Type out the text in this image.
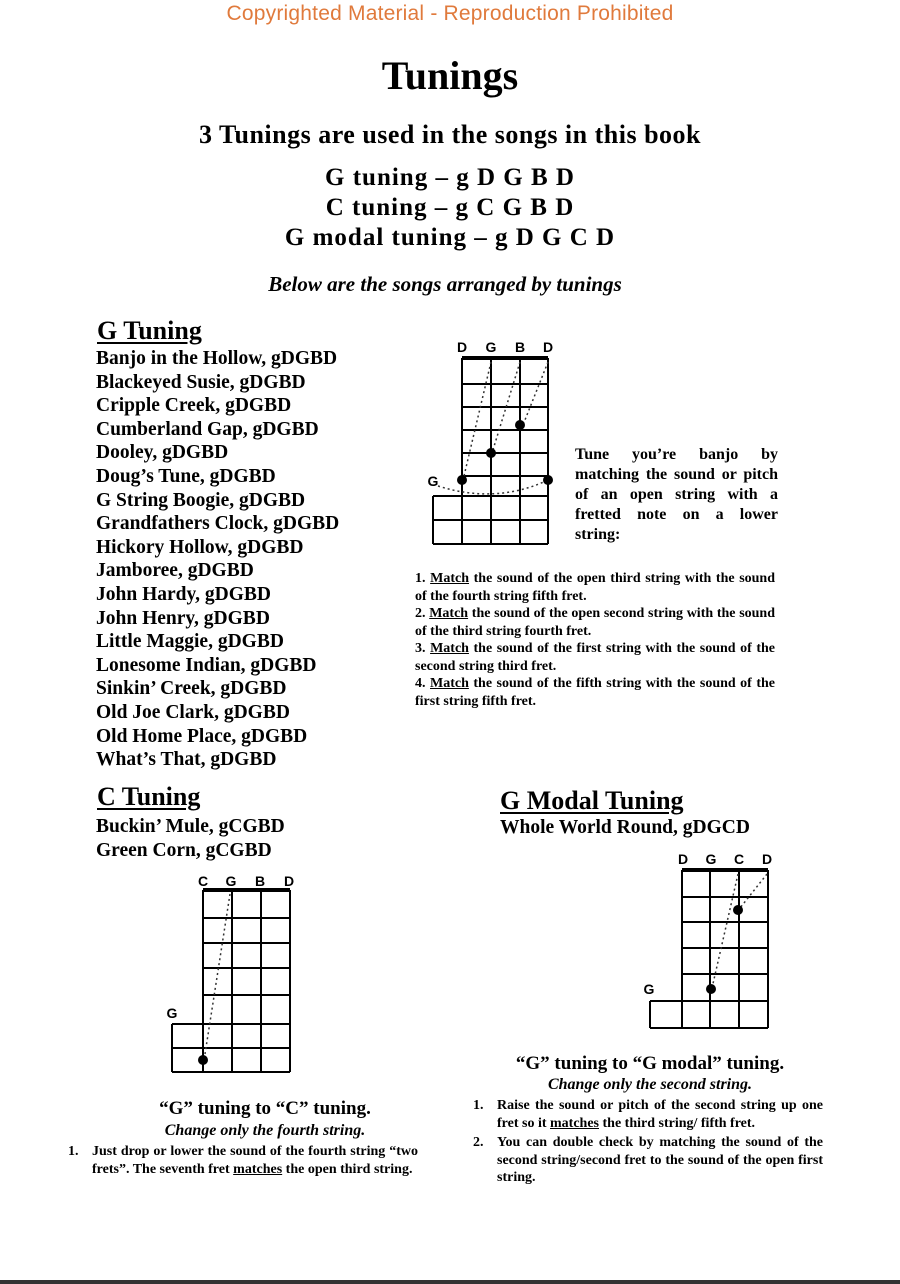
Copyrighted Material - Reproduction Prohibited
Tunings
3 Tunings are used in the songs in this book
G tuning – g D G B D
C tuning – g C G B D
G modal tuning – g D G C D
Below are the songs arranged by tunings
G Tuning
Banjo in the Hollow, gDGBD
Blackeyed Susie, gDGBD
Cripple Creek, gDGBD
Cumberland Gap, gDGBD
Dooley, gDGBD
Doug’s Tune, gDGBD
G String Boogie, gDGBD
Grandfathers Clock, gDGBD
Hickory Hollow, gDGBD
Jamboree, gDGBD
John Hardy, gDGBD
John Henry, gDGBD
Little Maggie, gDGBD
Lonesome Indian, gDGBD
Sinkin’ Creek, gDGBD
Old Joe Clark, gDGBD
Old Home Place, gDGBD
What’s That, gDGBD
D G B D
G
Tune you’re banjo by matching the sound or pitch of an open string with a fretted note on a lower string:
1. Match the sound of the open third string with the sound of the fourth string fifth fret.
2. Match the sound of the open second string with the sound of the third string fourth fret.
3. Match the sound of the first string with the sound of the second string third fret.
4. Match the sound of the fifth string with the sound of the first string fifth fret.
C Tuning
Buckin’ Mule, gCGBD
Green Corn, gCGBD
C G B D
G
“G” tuning to “C” tuning.
Change only the fourth string.
1. Just drop or lower the sound of the fourth string “two frets”. The seventh fret matches the open third string.
G Modal Tuning
Whole World Round, gDGCD
D G C D
G
“G” tuning to “G modal” tuning.
Change only the second string.
1. Raise the sound or pitch of the second string up one fret so it matches the third string/ fifth fret.
2. You can double check by matching the sound of the second string/second fret to the sound of the open first string.
